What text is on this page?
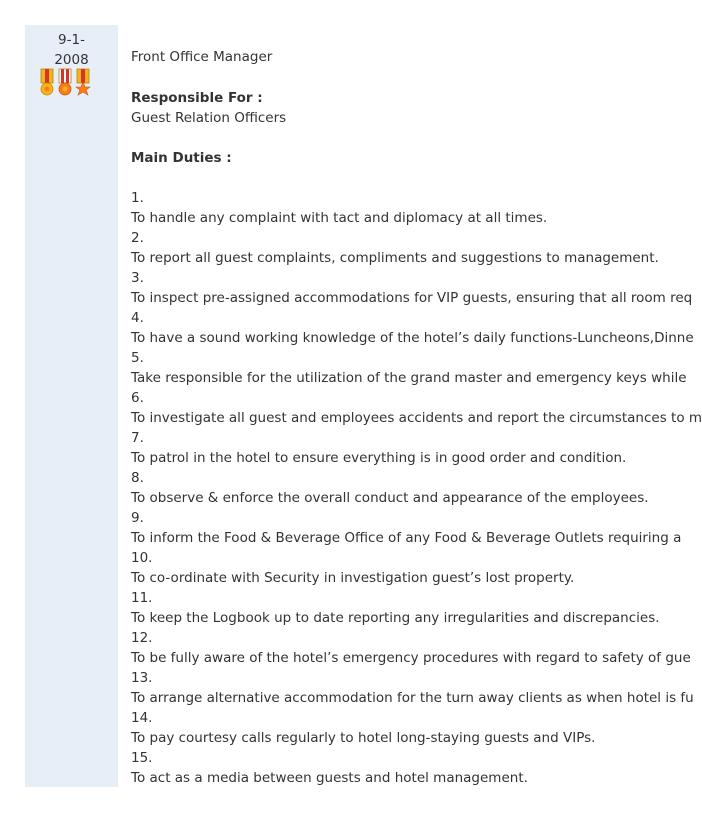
9-1-
2008	Front Office Manager
Responsible For :
Guest Relation Officers
Main Duties :
1.
To handle any complaint with tact and diplomacy at all times.
2.
To report all guest complaints, compliments and suggestions to management.
3.
To inspect pre-assigned accommodations for VIP guests, ensuring that all room req
4.
To have a sound working knowledge of the hotel’s daily functions-Luncheons,Dinne
5.
Take responsible for the utilization of the grand master and emergency keys while
6.
To investigate all guest and employees accidents and report the circumstances to m
7.
To patrol in the hotel to ensure everything is in good order and condition.
8.
To observe & enforce the overall conduct and appearance of the employees.
9.
To inform the Food & Beverage Office of any Food & Beverage Outlets requiring a
10.
To co-ordinate with Security in investigation guest’s lost property.
11.
To keep the Logbook up to date reporting any irregularities and discrepancies.
12.
To be fully aware of the hotel’s emergency procedures with regard to safety of gue
13.
To arrange alternative accommodation for the turn away clients as when hotel is fu
14.
To pay courtesy calls regularly to hotel long-staying guests and VIPs.
15.
To act as a media between guests and hotel management.
